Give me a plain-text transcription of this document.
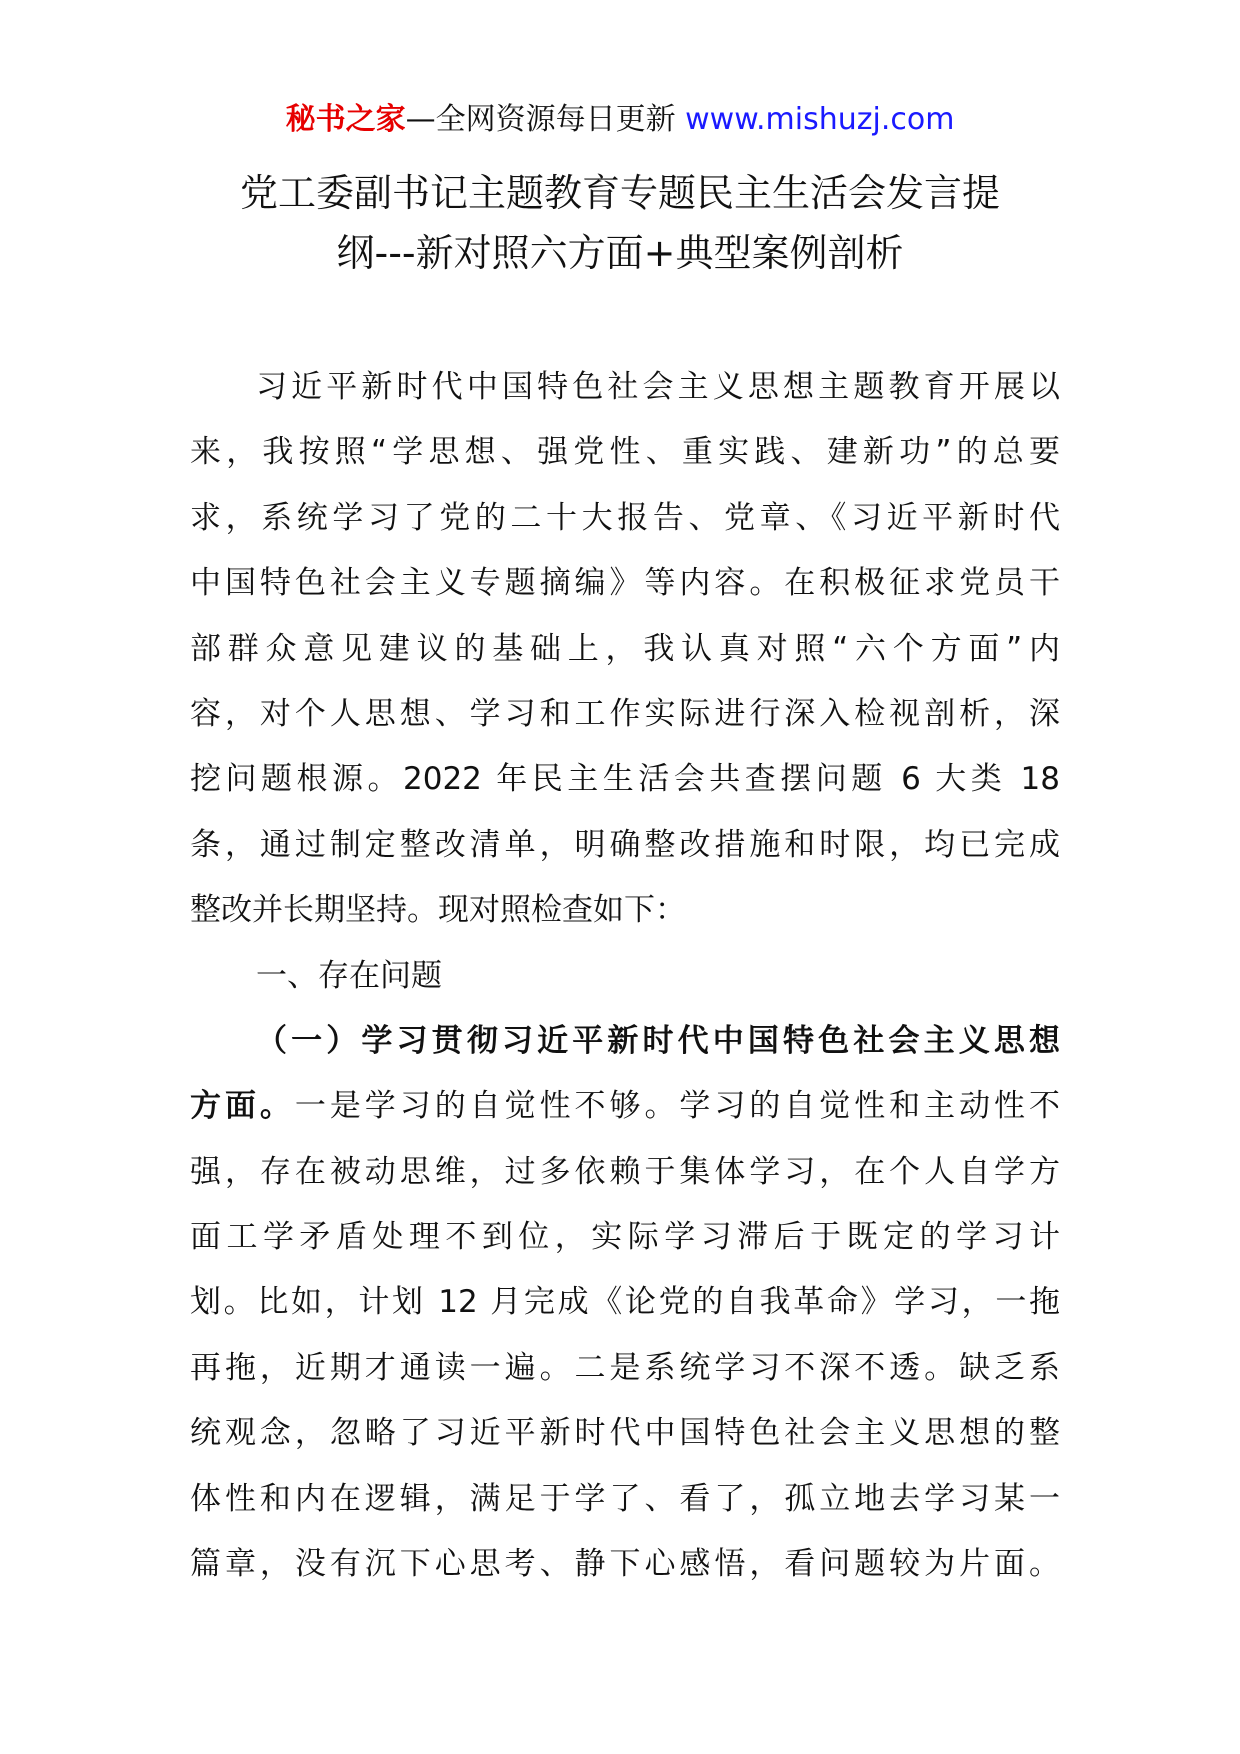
秘书之家—全网资源每日更新 www.mishuzj.com
党工委副书记主题教育专题民主生活会发言提
纲---新对照六方面+典型案例剖析
习近平新时代中国特色社会主义思想主题教育开展以
来，我按照“学思想、强党性、重实践、建新功”的总要
求，系统学习了党的二十大报告、党章、《习近平新时代
中国特色社会主义专题摘编》等内容。在积极征求党员干
部群众意见建议的基础上，我认真对照“六个方面”内
容，对个人思想、学习和工作实际进行深入检视剖析，深
挖问题根源。2022 年民主生活会共查摆问题 6 大类 18
条，通过制定整改清单，明确整改措施和时限，均已完成
整改并长期坚持。现对照检查如下：
一、存在问题
（一）学习贯彻习近平新时代中国特色社会主义思想
方面。一是学习的自觉性不够。学习的自觉性和主动性不
强，存在被动思维，过多依赖于集体学习，在个人自学方
面工学矛盾处理不到位，实际学习滞后于既定的学习计
划。比如，计划 12 月完成《论党的自我革命》学习，一拖
再拖，近期才通读一遍。二是系统学习不深不透。缺乏系
统观念，忽略了习近平新时代中国特色社会主义思想的整
体性和内在逻辑，满足于学了、看了，孤立地去学习某一
篇章，没有沉下心思考、静下心感悟，看问题较为片面。
